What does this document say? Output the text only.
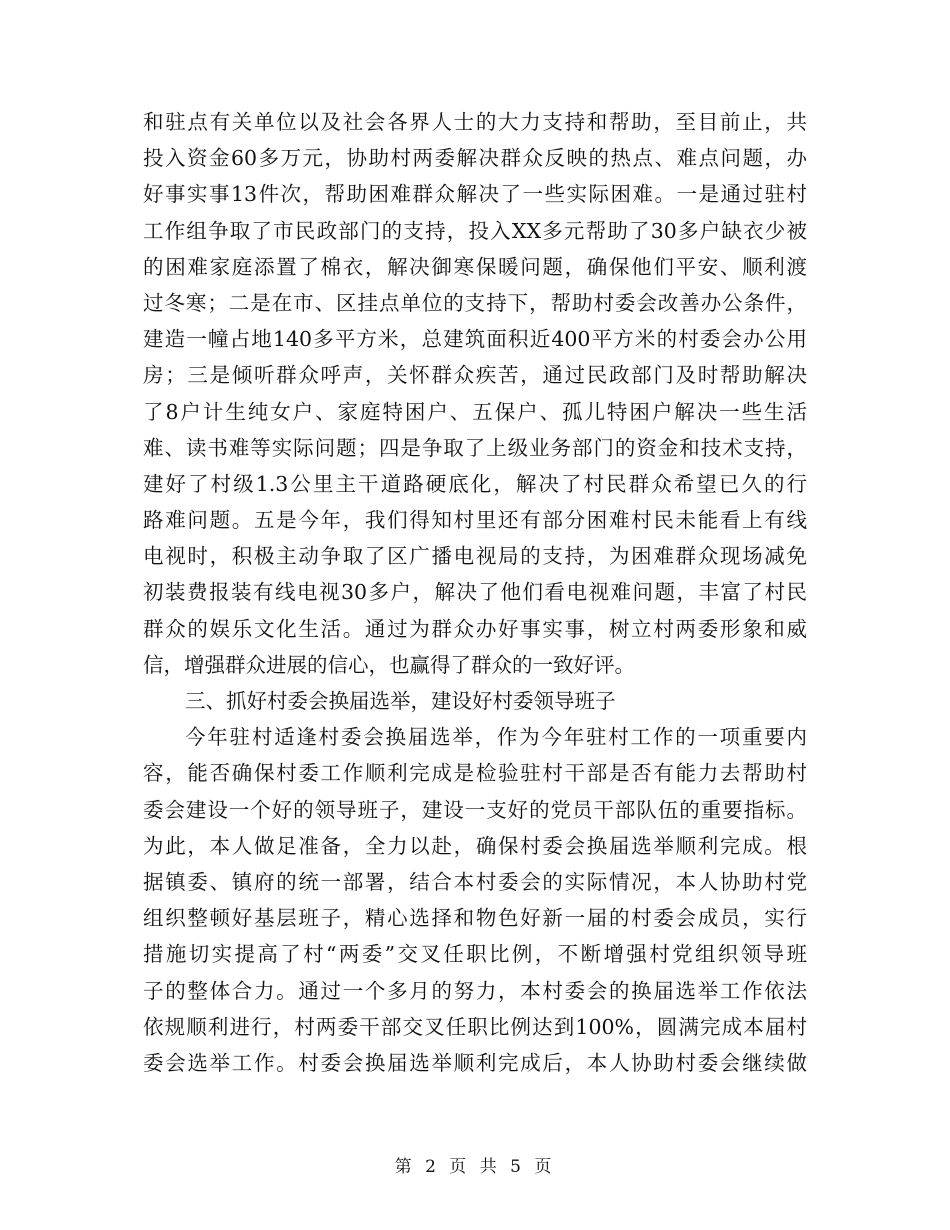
和驻点有关单位以及社会各界人士的大力支持和帮助，至目前止，共
投入资金60多万元，协助村两委解决群众反映的热点、难点问题，办
好事实事13件次，帮助困难群众解决了一些实际困难。一是通过驻村
工作组争取了市民政部门的支持，投入XX多元帮助了30多户缺衣少被
的困难家庭添置了棉衣，解决御寒保暖问题，确保他们平安、顺利渡
过冬寒；二是在市、区挂点单位的支持下，帮助村委会改善办公条件，
建造一幢占地140多平方米，总建筑面积近400平方米的村委会办公用
房；三是倾听群众呼声，关怀群众疾苦，通过民政部门及时帮助解决
了8户计生纯女户、家庭特困户、五保户、孤儿特困户解决一些生活
难、读书难等实际问题；四是争取了上级业务部门的资金和技术支持，
建好了村级1.3公里主干道路硬底化，解决了村民群众希望已久的行
路难问题。五是今年，我们得知村里还有部分困难村民未能看上有线
电视时，积极主动争取了区广播电视局的支持，为困难群众现场减免
初装费报装有线电视30多户，解决了他们看电视难问题，丰富了村民
群众的娱乐文化生活。通过为群众办好事实事，树立村两委形象和威
信，增强群众进展的信心，也赢得了群众的一致好评。
三、抓好村委会换届选举，建设好村委领导班子
今年驻村适逢村委会换届选举，作为今年驻村工作的一项重要内
容，能否确保村委工作顺利完成是检验驻村干部是否有能力去帮助村
委会建设一个好的领导班子，建设一支好的党员干部队伍的重要指标。
为此，本人做足准备，全力以赴，确保村委会换届选举顺利完成。根
据镇委、镇府的统一部署，结合本村委会的实际情况，本人协助村党
组织整顿好基层班子，精心选择和物色好新一届的村委会成员，实行
措施切实提高了村“两委”交叉任职比例，不断增强村党组织领导班
子的整体合力。通过一个多月的努力，本村委会的换届选举工作依法
依规顺利进行，村两委干部交叉任职比例达到100%，圆满完成本届村
委会选举工作。村委会换届选举顺利完成后，本人协助村委会继续做
第 2 页 共 5 页
